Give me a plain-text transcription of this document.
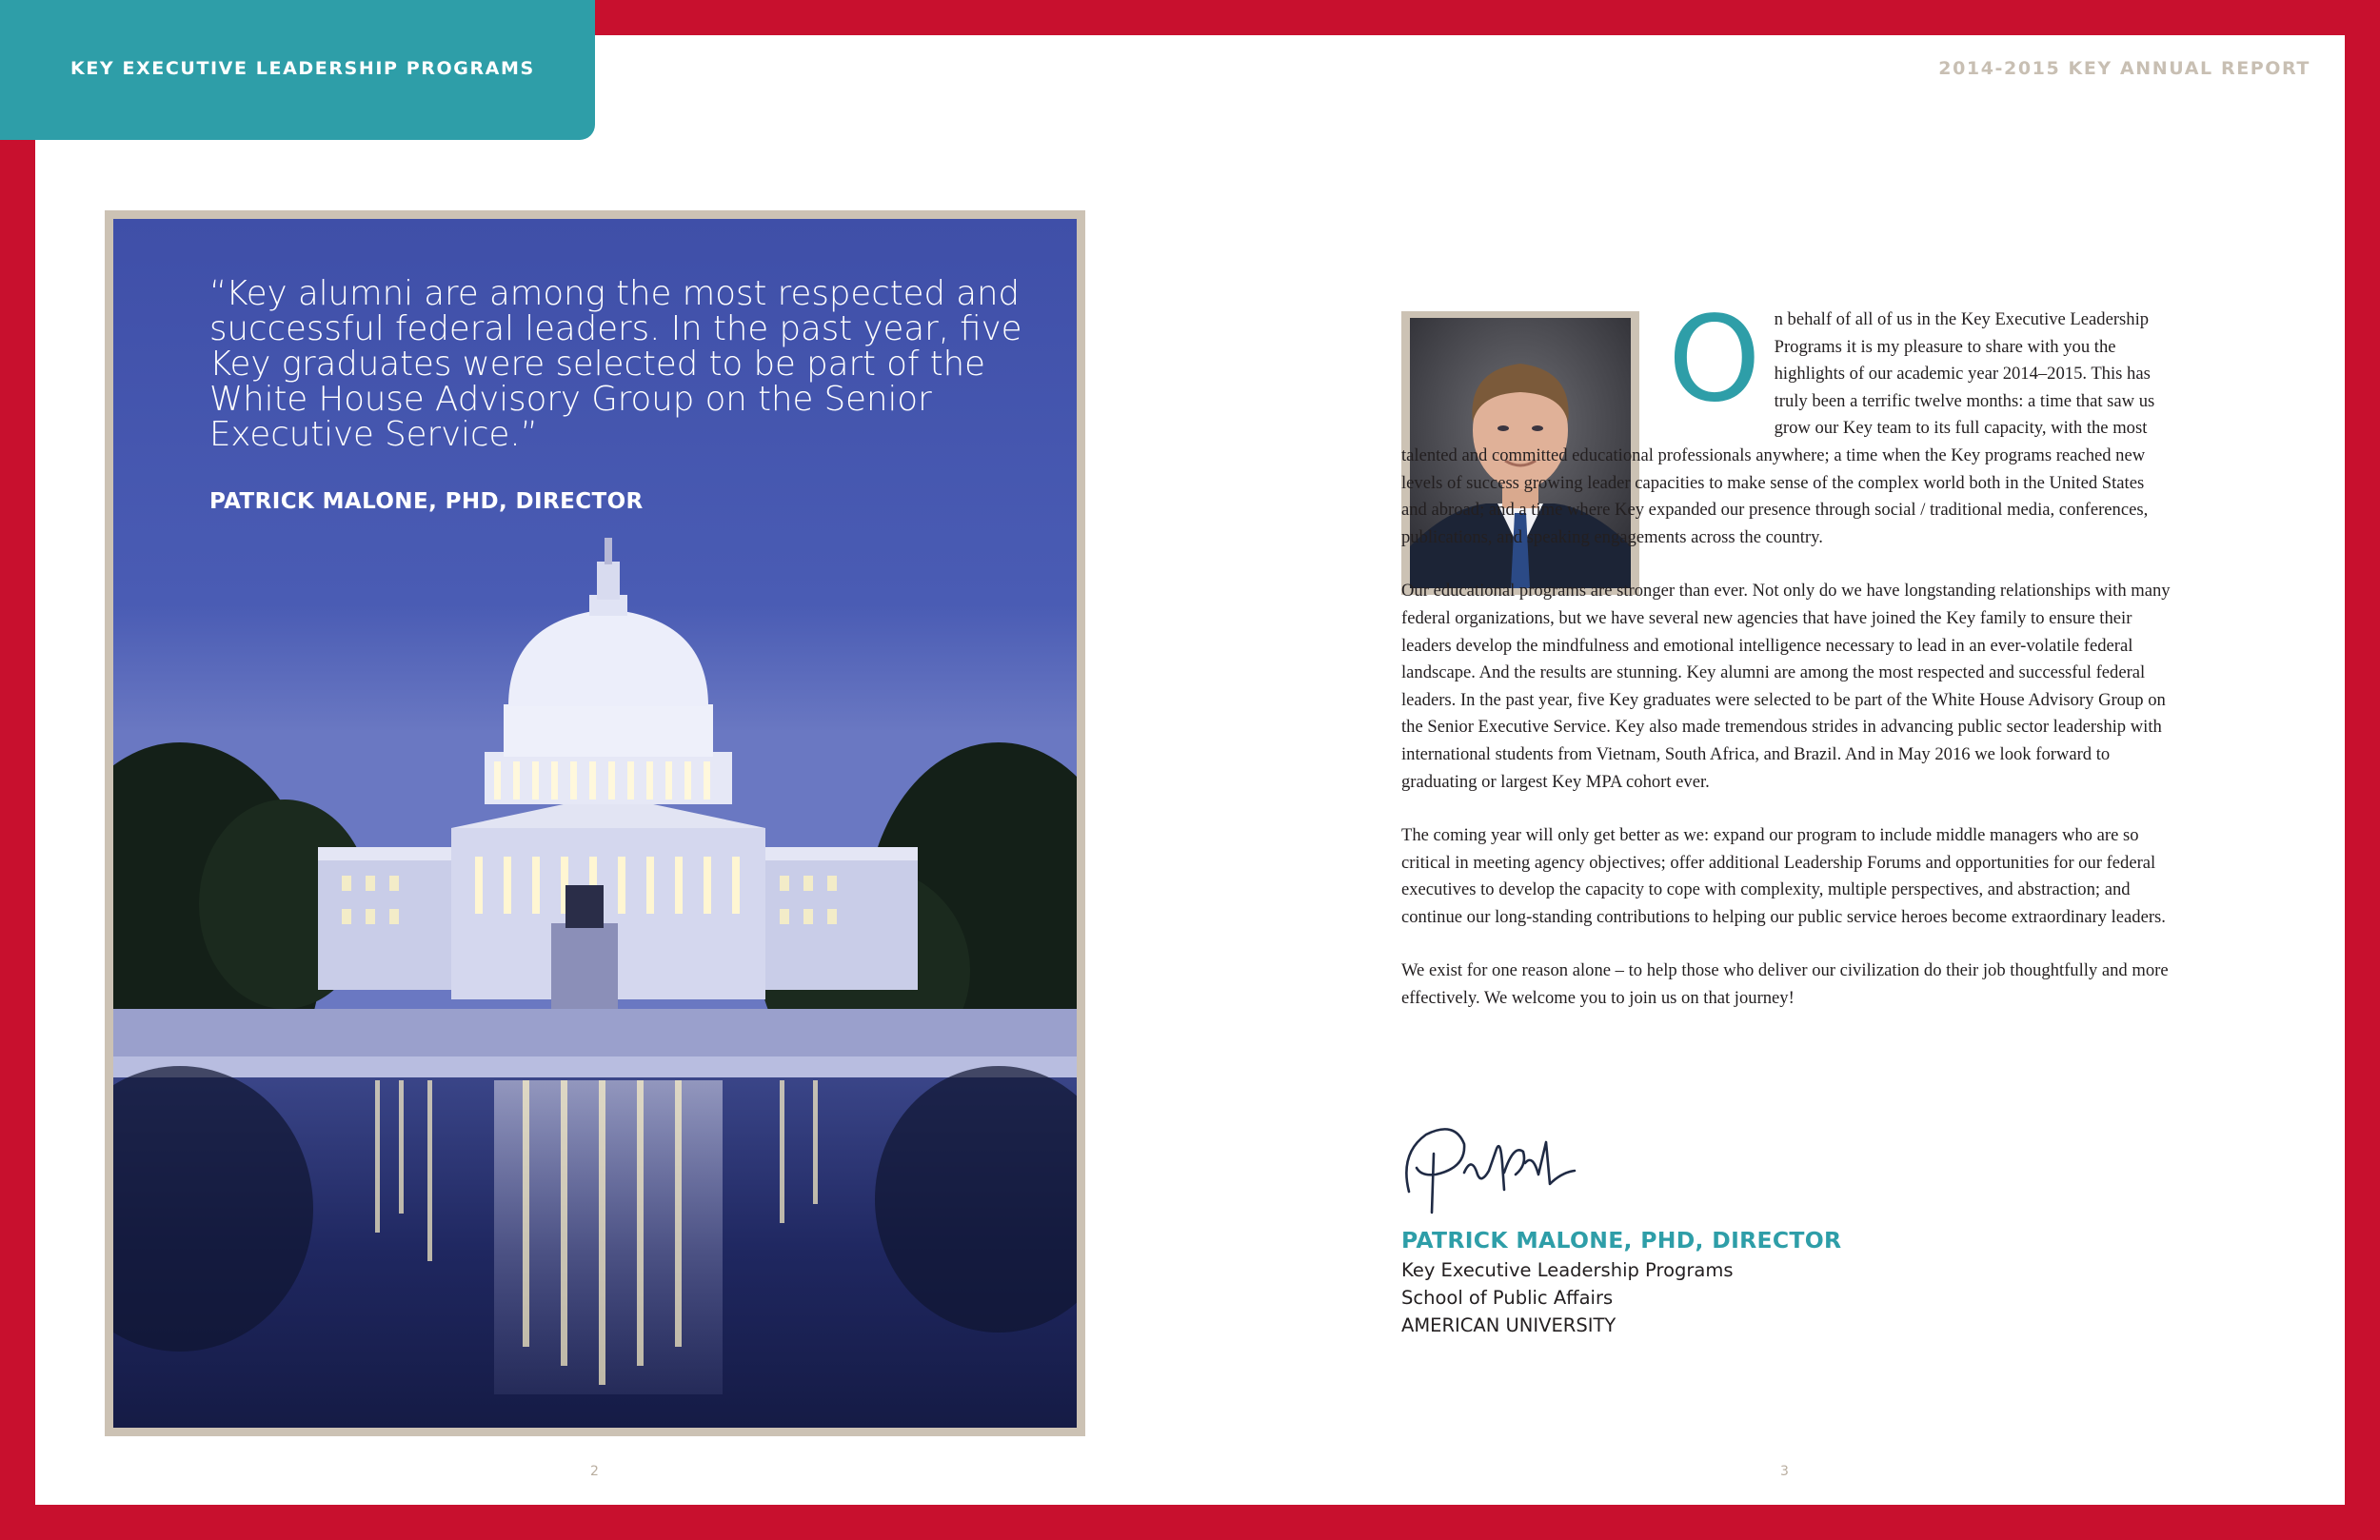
KEY EXECUTIVE LEADERSHIP PROGRAMS	2014-2015 KEY ANNUAL REPORT
“Key alumni are among the most respected and successful federal leaders. In the past year, five Key graduates were selected to be part of the White House Advisory Group on the Senior Executive Service.”
PATRICK MALONE, PHD, DIRECTOR
2
O n behalf of all of us in the Key Executive Leadership Programs it is my pleasure to share with you the highlights of our academic year 2014–2015. This has truly been a terrific twelve months: a time that saw us grow our Key team to its full capacity, with the most talented and committed educational professionals anywhere; a time when the Key programs reached new levels of success growing leader capacities to make sense of the complex world both in the United States and abroad; and a time where Key expanded our presence through social / traditional media, conferences, publications, and speaking engagements across the country.

Our educational programs are stronger than ever. Not only do we have longstanding relationships with many federal organizations, but we have several new agencies that have joined the Key family to ensure their leaders develop the mindfulness and emotional intelligence necessary to lead in an ever-volatile federal landscape. And the results are stunning. Key alumni are among the most respected and successful federal leaders. In the past year, five Key graduates were selected to be part of the White House Advisory Group on the Senior Executive Service. Key also made tremendous strides in advancing public sector leadership with international students from Vietnam, South Africa, and Brazil. And in May 2016 we look forward to graduating or largest Key MPA cohort ever.

The coming year will only get better as we: expand our program to include middle managers who are so critical in meeting agency objectives; offer additional Leadership Forums and opportunities for our federal executives to develop the capacity to cope with complexity, multiple perspectives, and abstraction; and continue our long-standing contributions to helping our public service heroes become extraordinary leaders.

We exist for one reason alone – to help those who deliver our civilization do their job thoughtfully and more effectively. We welcome you to join us on that journey!

PATRICK MALONE, PHD, DIRECTOR
Key Executive Leadership Programs
School of Public Affairs
AMERICAN UNIVERSITY
3
